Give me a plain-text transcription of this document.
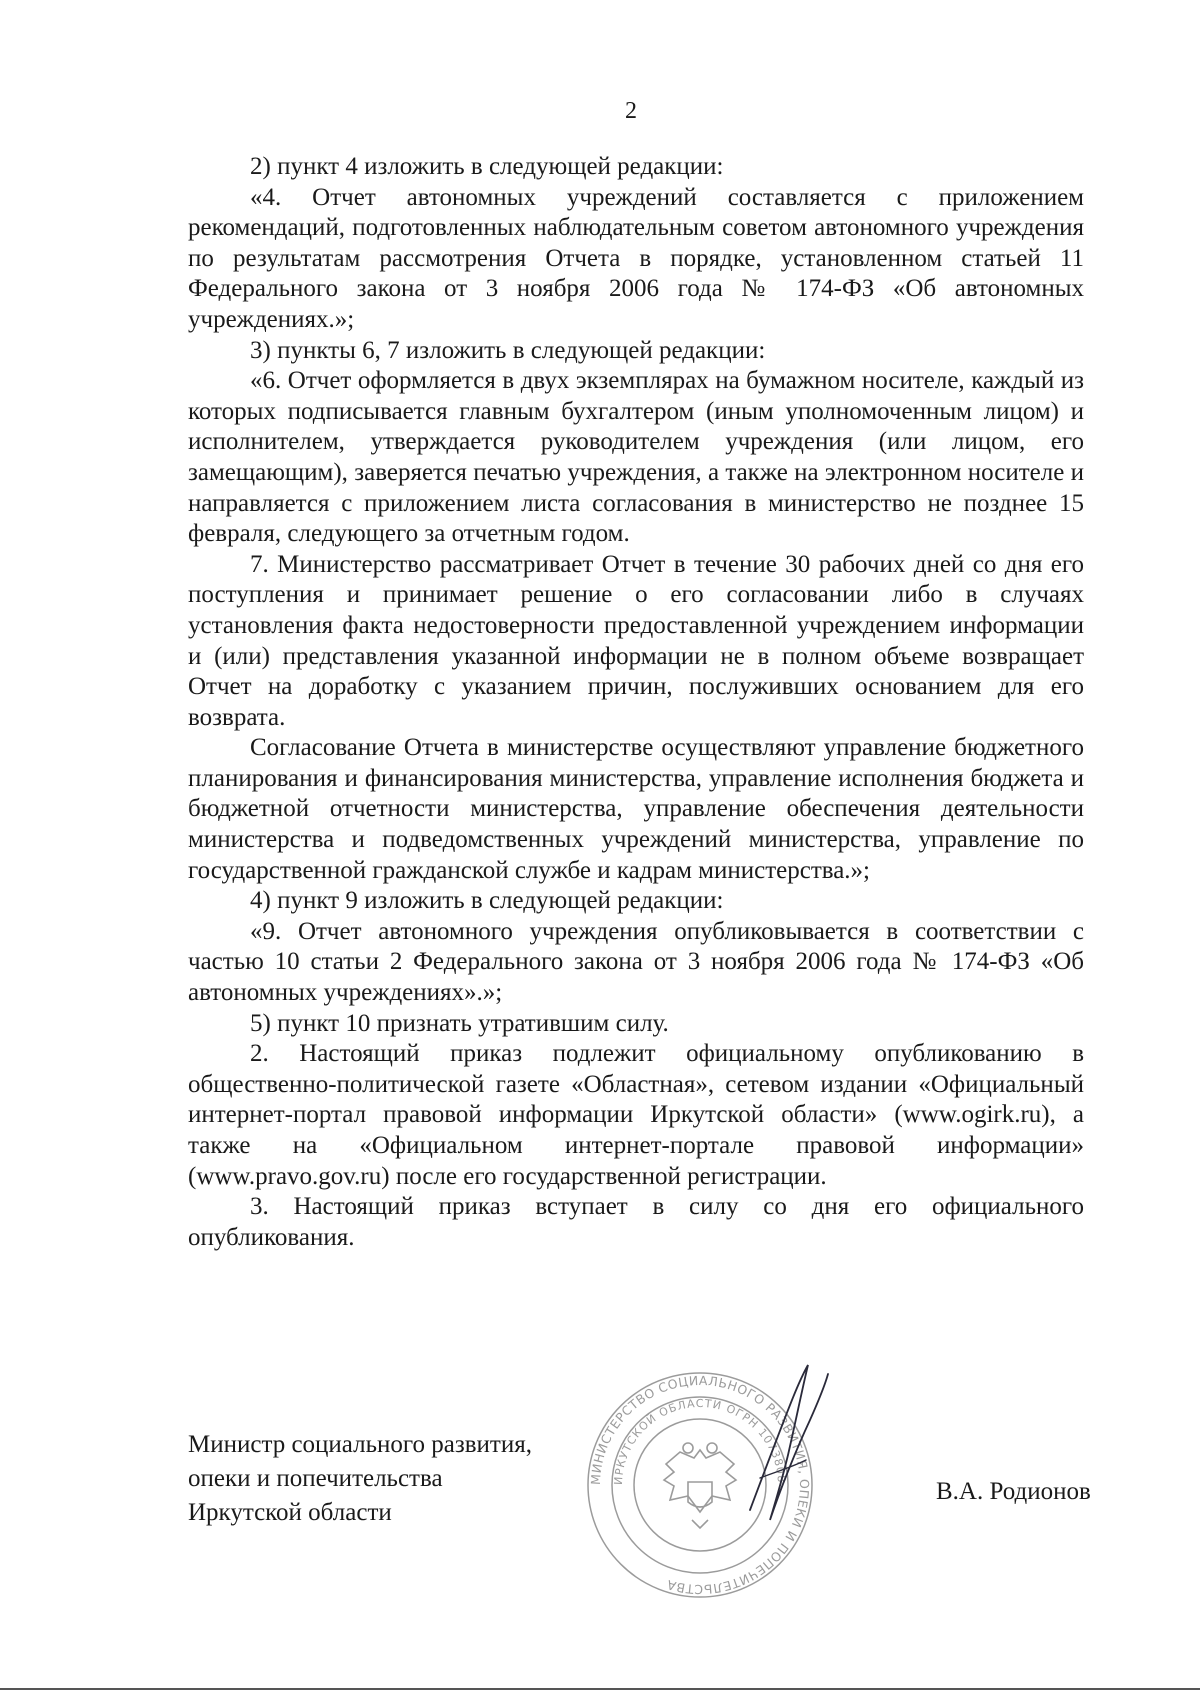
2

2) пункт 4 изложить в следующей редакции:

«4. Отчет автономных учреждений составляется с приложением рекомендаций, подготовленных наблюдательным советом автономного учреждения по результатам рассмотрения Отчета в порядке, установленном статьей 11 Федерального закона от 3 ноября 2006 года № 174-ФЗ «Об автономных учреждениях.»;

3) пункты 6, 7 изложить в следующей редакции:

«6. Отчет оформляется в двух экземплярах на бумажном носителе, каждый из которых подписывается главным бухгалтером (иным уполномоченным лицом) и исполнителем, утверждается руководителем учреждения (или лицом, его замещающим), заверяется печатью учреждения, а также на электронном носителе и направляется с приложением листа согласования в министерство не позднее 15 февраля, следующего за отчетным годом.

7. Министерство рассматривает Отчет в течение 30 рабочих дней со дня его поступления и принимает решение о его согласовании либо в случаях установления факта недостоверности предоставленной учреждением информации и (или) представления указанной информации не в полном объеме возвращает Отчет на доработку с указанием причин, послуживших основанием для его возврата.

Согласование Отчета в министерстве осуществляют управление бюджетного планирования и финансирования министерства, управление исполнения бюджета и бюджетной отчетности министерства, управление обеспечения деятельности министерства и подведомственных учреждений министерства, управление по государственной гражданской службе и кадрам министерства.»;

4) пункт 9 изложить в следующей редакции:

«9. Отчет автономного учреждения опубликовывается в соответствии с частью 10 статьи 2 Федерального закона от 3 ноября 2006 года № 174-ФЗ «Об автономных учреждениях».»;

5) пункт 10 признать утратившим силу.

2. Настоящий приказ подлежит официальному опубликованию в общественно-политической газете «Областная», сетевом издании «Официальный интернет-портал правовой информации Иркутской области» (www.ogirk.ru), а также на «Официальном интернет-портале правовой информации» (www.pravo.gov.ru) после его государственной регистрации.

3. Настоящий приказ вступает в силу со дня его официального опубликования.

Министр социального развития,
опеки и попечительства
Иркутской области
В.А. Родионов
МИНИСТЕРСТВО СОЦИАЛЬНОГО РАЗВИТИЯ, ОПЕКИ И ПОПЕЧИТЕЛЬСТВА
ИРКУТСКОЙ ОБЛАСТИ ОГРН 1073808
